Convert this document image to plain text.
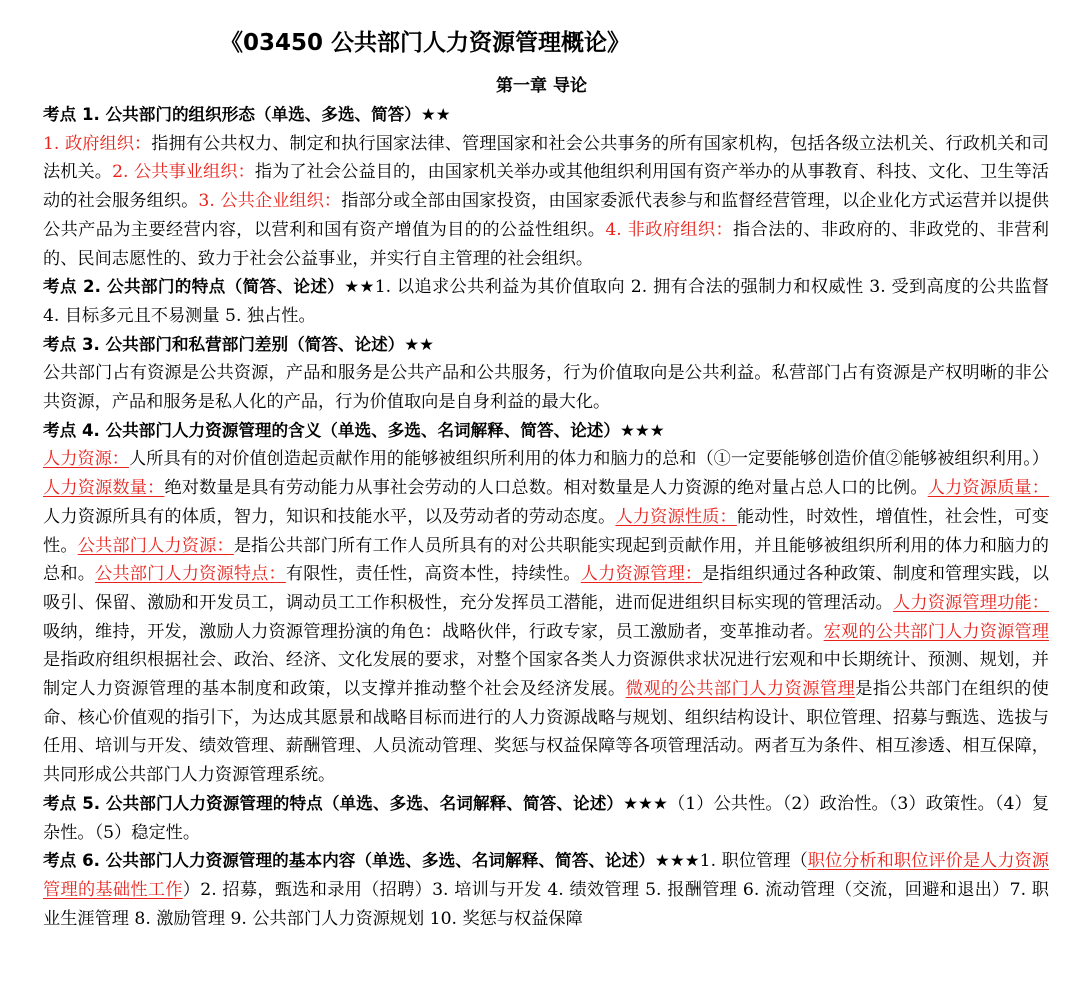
《03450 公共部门人力资源管理概论》
第一章 导论

考点 1. 公共部门的组织形态（单选、多选、简答）★★
1. 政府组织：指拥有公共权力、制定和执行国家法律、管理国家和社会公共事务的所有国家机构，包括各级立法机关、行政机关和司法机关。2. 公共事业组织：指为了社会公益目的，由国家机关举办或其他组织利用国有资产举办的从事教育、科技、文化、卫生等活动的社会服务组织。3. 公共企业组织：指部分或全部由国家投资，由国家委派代表参与和监督经营管理，以企业化方式运营并以提供公共产品为主要经营内容，以营利和国有资产增值为目的的公益性组织。4. 非政府组织：指合法的、非政府的、非政党的、非营利的、民间志愿性的、致力于社会公益事业，并实行自主管理的社会组织。

考点 2. 公共部门的特点（简答、论述）★★1. 以追求公共利益为其价值取向 2. 拥有合法的强制力和权威性 3. 受到高度的公共监督 4. 目标多元且不易测量 5. 独占性。

考点 3. 公共部门和私营部门差别（简答、论述）★★
公共部门占有资源是公共资源，产品和服务是公共产品和公共服务，行为价值取向是公共利益。私营部门占有资源是产权明晰的非公共资源，产品和服务是私人化的产品，行为价值取向是自身利益的最大化。

考点 4. 公共部门人力资源管理的含义（单选、多选、名词解释、简答、论述）★★★
人力资源：人所具有的对价值创造起贡献作用的能够被组织所利用的体力和脑力的总和（①一定要能够创造价值②能够被组织利用。）人力资源数量：绝对数量是具有劳动能力从事社会劳动的人口总数。相对数量是人力资源的绝对量占总人口的比例。人力资源质量：人力资源所具有的体质，智力，知识和技能水平，以及劳动者的劳动态度。人力资源性质：能动性，时效性，增值性，社会性，可变性。公共部门人力资源：是指公共部门所有工作人员所具有的对公共职能实现起到贡献作用，并且能够被组织所利用的体力和脑力的总和。公共部门人力资源特点：有限性，责任性，高资本性，持续性。人力资源管理：是指组织通过各种政策、制度和管理实践，以吸引、保留、激励和开发员工，调动员工工作积极性，充分发挥员工潜能，进而促进组织目标实现的管理活动。人力资源管理功能：吸纳，维持，开发，激励人力资源管理扮演的角色：战略伙伴，行政专家，员工激励者，变革推动者。宏观的公共部门人力资源管理是指政府组织根据社会、政治、经济、文化发展的要求，对整个国家各类人力资源供求状况进行宏观和中长期统计、预测、规划，并制定人力资源管理的基本制度和政策，以支撑并推动整个社会及经济发展。微观的公共部门人力资源管理是指公共部门在组织的使命、核心价值观的指引下，为达成其愿景和战略目标而进行的人力资源战略与规划、组织结构设计、职位管理、招募与甄选、选拔与任用、培训与开发、绩效管理、薪酬管理、人员流动管理、奖惩与权益保障等各项管理活动。两者互为条件、相互渗透、相互保障，共同形成公共部门人力资源管理系统。

考点 5. 公共部门人力资源管理的特点（单选、多选、名词解释、简答、论述）★★★（1）公共性。（2）政治性。（3）政策性。（4）复杂性。（5）稳定性。

考点 6. 公共部门人力资源管理的基本内容（单选、多选、名词解释、简答、论述）★★★1. 职位管理（职位分析和职位评价是人力资源管理的基础性工作）2. 招募，甄选和录用（招聘）3. 培训与开发 4. 绩效管理 5. 报酬管理 6. 流动管理（交流，回避和退出）7. 职业生涯管理 8. 激励管理 9. 公共部门人力资源规划 10. 奖惩与权益保障
